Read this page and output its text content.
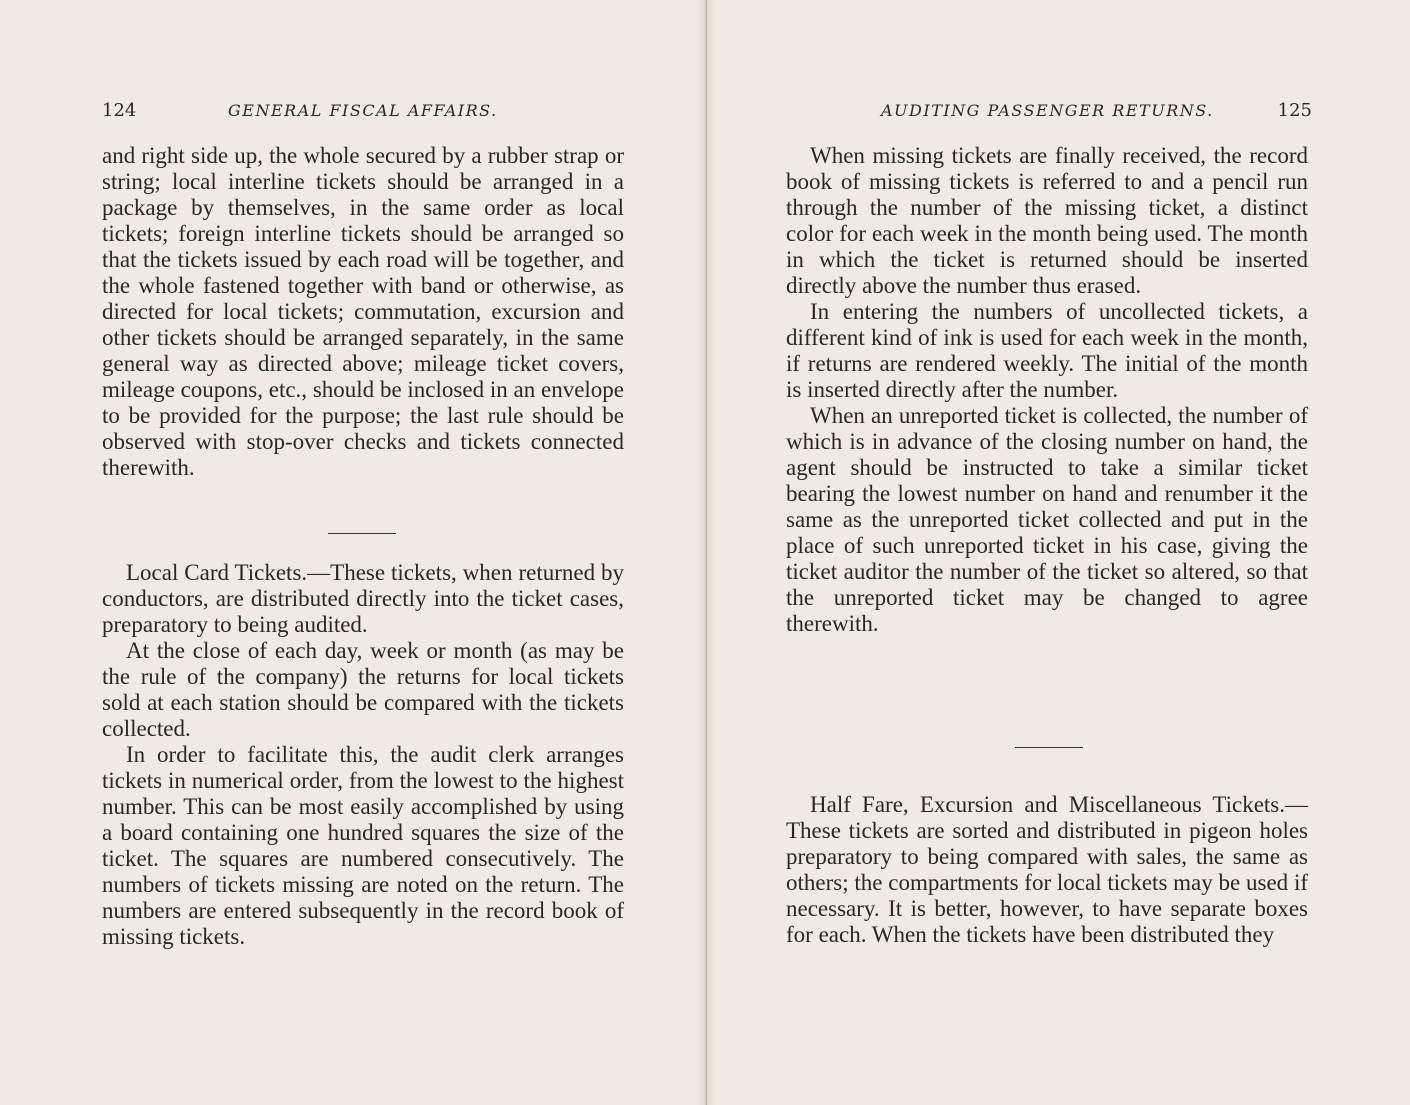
124	GENERAL FISCAL AFFAIRS.

and right side up, the whole secured by a rubber strap or string; local interline tickets should be arranged in a package by themselves, in the same order as local tickets; foreign interline tickets should be arranged so that the tickets issued by each road will be together, and the whole fastened together with band or otherwise, as directed for local tickets; commutation, excursion and other tickets should be arranged separately, in the same general way as directed above; mileage ticket covers, mileage coupons, etc., should be inclosed in an envelope to be provided for the purpose; the last rule should be observed with stop-over checks and tickets connected therewith.

Local Card Tickets.—These tickets, when returned by conductors, are distributed directly into the ticket cases, preparatory to being audited.

At the close of each day, week or month (as may be the rule of the company) the returns for local tickets sold at each station should be compared with the tickets collected.

In order to facilitate this, the audit clerk arranges tickets in numerical order, from the lowest to the highest number. This can be most easily accomplished by using a board containing one hundred squares the size of the ticket. The squares are numbered consecutively. The numbers of tickets missing are noted on the return. The numbers are entered subsequently in the record book of missing tickets.

AUDITING PASSENGER RETURNS.	125

When missing tickets are finally received, the record book of missing tickets is referred to and a pencil run through the number of the missing ticket, a distinct color for each week in the month being used. The month in which the ticket is returned should be inserted directly above the number thus erased.

In entering the numbers of uncollected tickets, a different kind of ink is used for each week in the month, if returns are rendered weekly. The initial of the month is inserted directly after the number.

When an unreported ticket is collected, the number of which is in advance of the closing number on hand, the agent should be instructed to take a similar ticket bearing the lowest number on hand and renumber it the same as the unreported ticket collected and put in the place of such unreported ticket in his case, giving the ticket auditor the number of the ticket so altered, so that the unreported ticket may be changed to agree therewith.

Half Fare, Excursion and Miscellaneous Tickets.—These tickets are sorted and distributed in pigeon holes preparatory to being compared with sales, the same as others; the compartments for local tickets may be used if necessary. It is better, however, to have separate boxes for each. When the tickets have been distributed they
